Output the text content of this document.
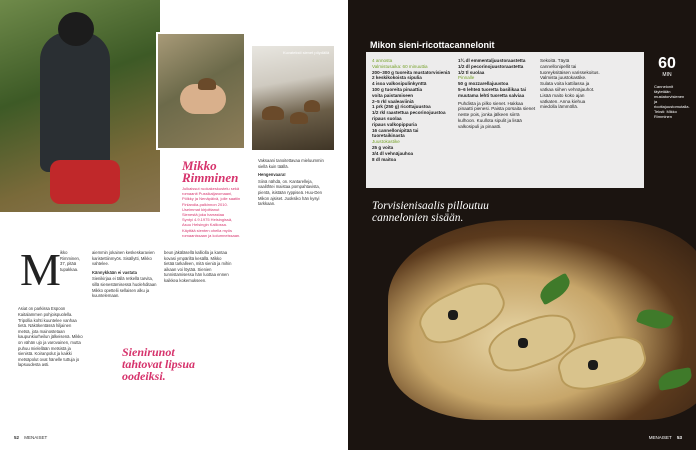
Kuvateksti sienet pöydällä
Mikko
Rimminen
Julkaissut ruokakeskustelu sekä
romaanit Pussikaljaromaani,
Pölkky ja Nenäpäivä, jolle saatiin
Finlandia-palkinnon 2010.
Useimmat kirjoittanut
Sienestä joka harrastaa
Syntyi 4.9.1975 Helsingissä,
Asuu Helsingin Kalliossa.
Käyttää sienten ohella myös
romaanissaan ja kolumneissaan.
Vaksaani tanoitettavaa mieluummin siellä kuin täällä.
Hengenvaara!
Siinä nähdä, on. Kantarelleja, vaalithtei maistaa pompahtavista, pientä, isistään ryppiseä. Huu-Den Mikon ajsiset. Juoksiko hän kysyi tarkkaan.
M ikko Rimminen, 37, pitää tupakkaa.
Asiat on parkissa Espoon Kaitalammen pohjoispuolella. Tripollia kohti kuuntelee vanhaa tietä. Näkökentässä hiljainen metsä, jota mainostetaan kaupunkiurheilun jälkeisenä. Mikko on vähän ujo ja varovainen, mutta puhuu mielellään metsistä ja sienistä. Koiranpolut ja kaikki metsäpolut ovat hänelle tuttuja jo lapsuudesta asti.
aiemmin jokainen keskeskaravien karistettiinmyös. Sisällytti, Mikko vahtelee.
Kännykkään ei vastata
Sienikirjaa ei tällä retkellä tarvita, sillä sienestämisessä huolehditaan Mikko opettelii sellaisen alku ja kuuntelemaan.
beun jäkäläsellä kalliolla ja kantaa kovasi ympäriltä kesällä. Mikko tietää tarkalleen, mitä sieniä ja mihin aikaan voi löytää. Sienien tunnistamisessa hän luottaa ennen kaikkea kokemukseen.
Sienirunot tahtovat lipsua oodeiksi.
52 MENAISET
Mikon sieni-ricottacannelonit
4 annosta
Valmistusaika: 60 minuuttia
200–300 g tuoreita mustatorvisieniä
2 keskikokoista sipulia
4 isoa valkosipulinkynttä
100 g tuoreita pinaattia
voita paistamiseen
2–5 rkl vaaleaviiniä
1 prk (250 g) ricottajuustoa
1/2 rkl raastettua pecorinojuustoa
ripaus suolaa
ripaus valkopippuria
16 cannellonipitää tai tuoretaikinasta
Juustokastike
25 g voita
3/4 dl vehnäjauhoa
8 dl maitoa
1¾ dl emmentaljuustoraastetta
1/2 dl pecorinojuustoraastetta
1/2 tl suolaa
Pinnalle
50 g mozzarellajuustoa
5–6 lehteä tuoretta basilikaa tai
muutama lehti tuoretta salviaa
Puhdista ja pilko sienet. Hakkaa pinaatti pienesi. Paista porsaita sienet neste pois, jonka jälkeen siirrä kulhoon. Kuullota sipulit ja lisää valkosipuli ja pinaatti.
Sekoitä. Täytä cannellonipellit tai tuoreyksitäisen varissekoitus. Valmista juustokastike. Sulata voita kattilassa ja vatkaa siihen vehnäjauhot. Lisää maito koko ajan vatkaten. Anna kiehua miedolla lämmöllä.
60
MIN
Cannelonit täytetään mustatorvisienen ja ricottajuustomutalla. Teksti: Mikko Rimminen
Torvisienisaalis pilloutuu cannelonien sisään.
MENAISET 53
